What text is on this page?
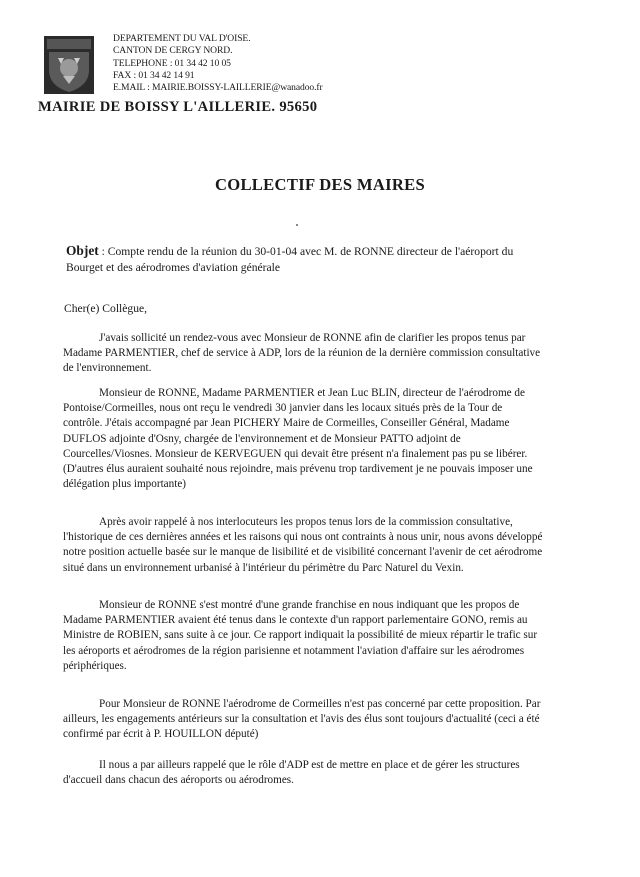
DEPARTEMENT DU VAL D'OISE.
CANTON DE CERGY NORD.
TELEPHONE : 01 34 42 10 05
FAX : 01 34 42 14 91
E.MAIL : MAIRIE.BOISSY-LAILLERIE@wanadoo.fr
MAIRIE DE BOISSY L'AILLERIE. 95650
COLLECTIF DES MAIRES
Objet : Compte rendu de la réunion du 30-01-04 avec M. de RONNE directeur de l'aéroport du Bourget et des aérodromes d'aviation générale
Cher(e) Collègue,

J'avais sollicité un rendez-vous avec Monsieur de RONNE afin de clarifier les propos tenus par Madame PARMENTIER, chef de service à ADP, lors de la réunion de la dernière commission consultative de l'environnement.

Monsieur de RONNE, Madame PARMENTIER et Jean Luc BLIN, directeur de l'aérodrome de Pontoise/Cormeilles, nous ont reçu le vendredi 30 janvier dans les locaux situés près de la Tour de contrôle. J'étais accompagné par Jean PICHERY Maire de Cormeilles, Conseiller Général, Madame DUFLOS adjointe d'Osny, chargée de l'environnement et de Monsieur PATTO adjoint de Courcelles/Viosnes. Monsieur de KERVEGUEN qui devait être présent n'a finalement pas pu se libérer. (D'autres élus auraient souhaité nous rejoindre, mais prévenu trop tardivement je ne pouvais imposer une délégation plus importante)

Après avoir rappelé à nos interlocuteurs les propos tenus lors de la commission consultative, l'historique de ces dernières années et les raisons qui nous ont contraints à nous unir, nous avons développé notre position actuelle basée sur le manque de lisibilité et de visibilité concernant l'avenir de cet aérodrome situé dans un environnement urbanisé à l'intérieur du périmètre du Parc Naturel du Vexin.

Monsieur de RONNE s'est montré d'une grande franchise en nous indiquant que les propos de Madame PARMENTIER avaient été tenus dans le contexte d'un rapport parlementaire GONO, remis au Ministre de ROBIEN, sans suite à ce jour. Ce rapport indiquait la possibilité de mieux répartir le trafic sur les aéroports et aérodromes de la région parisienne et notamment l'aviation d'affaire sur les aérodromes périphériques.

Pour Monsieur de RONNE l'aérodrome de Cormeilles n'est pas concerné par cette proposition. Par ailleurs, les engagements antérieurs sur la consultation et l'avis des élus sont toujours d'actualité (ceci a été confirmé par écrit à P. HOUILLON député)

Il nous a par ailleurs rappelé que le rôle d'ADP est de mettre en place et de gérer les structures d'accueil dans chacun des aéroports ou aérodromes.
